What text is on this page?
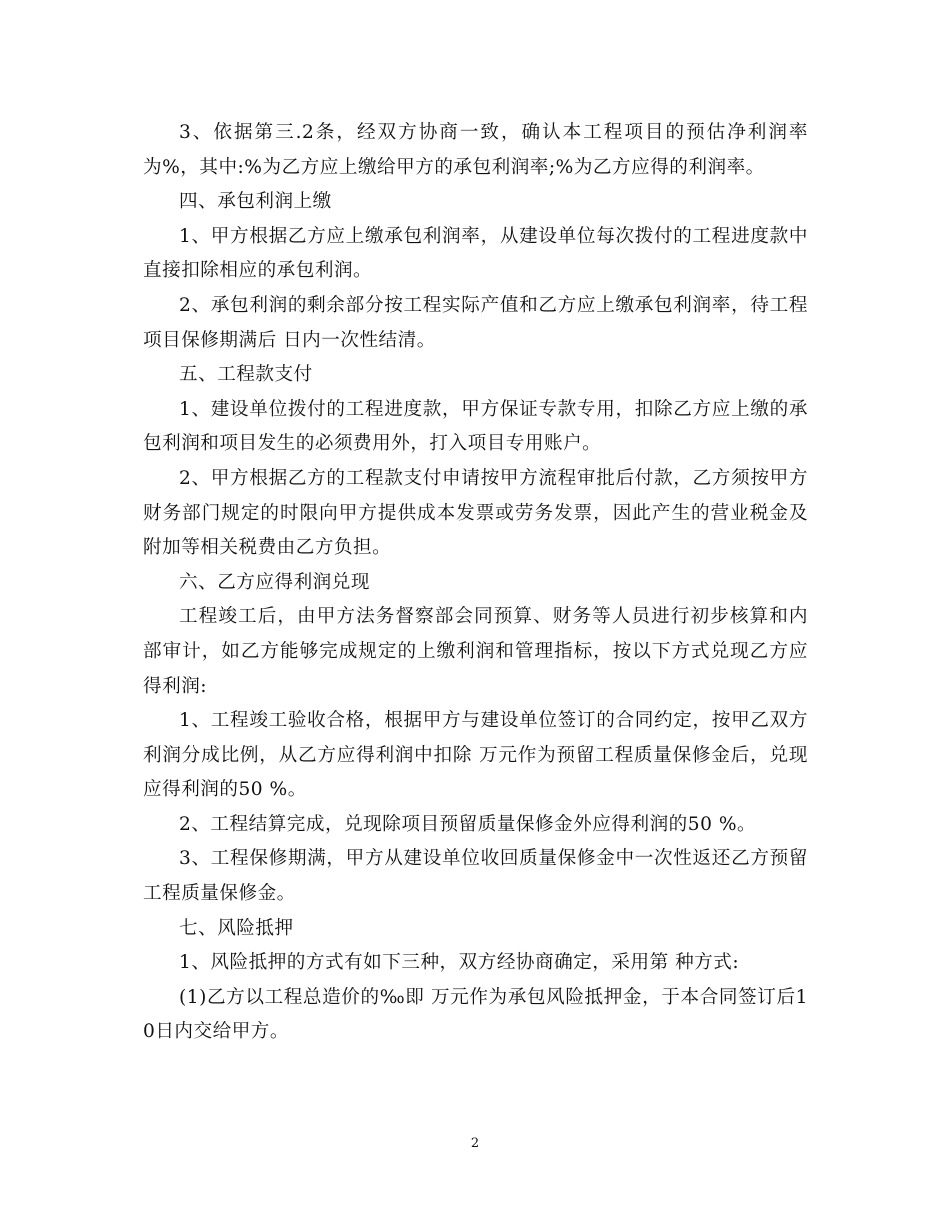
3、依据第三.2条，经双方协商一致，确认本工程项目的预估净利润率为%，其中:%为乙方应上缴给甲方的承包利润率;%为乙方应得的利润率。

四、承包利润上缴

1、甲方根据乙方应上缴承包利润率，从建设单位每次拨付的工程进度款中直接扣除相应的承包利润。

2、承包利润的剩余部分按工程实际产值和乙方应上缴承包利润率，待工程项目保修期满后 日内一次性结清。

五、工程款支付

1、建设单位拨付的工程进度款，甲方保证专款专用，扣除乙方应上缴的承包利润和项目发生的必须费用外，打入项目专用账户。

2、甲方根据乙方的工程款支付申请按甲方流程审批后付款，乙方须按甲方财务部门规定的时限向甲方提供成本发票或劳务发票，因此产生的营业税金及附加等相关税费由乙方负担。

六、乙方应得利润兑现

工程竣工后，由甲方法务督察部会同预算、财务等人员进行初步核算和内部审计，如乙方能够完成规定的上缴利润和管理指标，按以下方式兑现乙方应得利润:

1、工程竣工验收合格，根据甲方与建设单位签订的合同约定，按甲乙双方利润分成比例，从乙方应得利润中扣除 万元作为预留工程质量保修金后，兑现应得利润的50 %。

2、工程结算完成，兑现除项目预留质量保修金外应得利润的50 %。

3、工程保修期满，甲方从建设单位收回质量保修金中一次性返还乙方预留工程质量保修金。

七、风险抵押

1、风险抵押的方式有如下三种，双方经协商确定，采用第 种方式:

(1)乙方以工程总造价的‰即 万元作为承包风险抵押金，于本合同签订后10日内交给甲方。

2
